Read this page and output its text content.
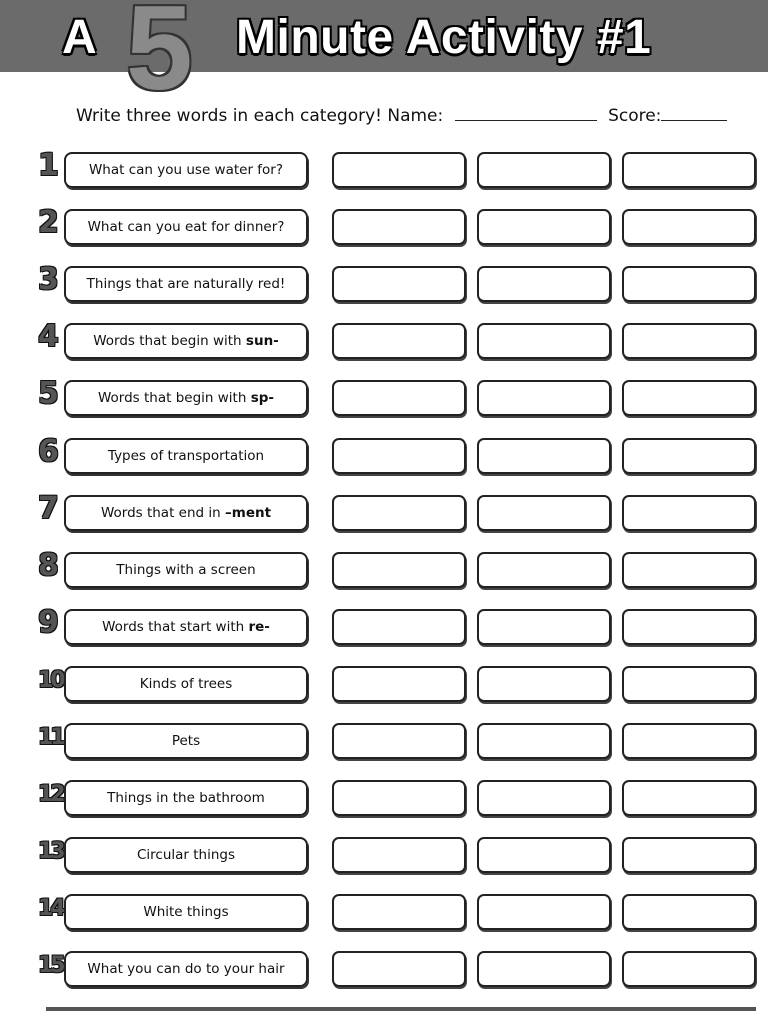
A 5 Minute Activity #1
Write three words in each category! Name:	Score:
1	What can you use water for?
2	What can you eat for dinner?
3	Things that are naturally red!
4	Words that begin with sun-
5	Words that begin with sp-
6	Types of transportation
7	Words that end in –ment
8	Things with a screen
9	Words that start with re-
10	Kinds of trees
11	Pets
12	Things in the bathroom
13	Circular things
14	White things
15	What you can do to your hair
